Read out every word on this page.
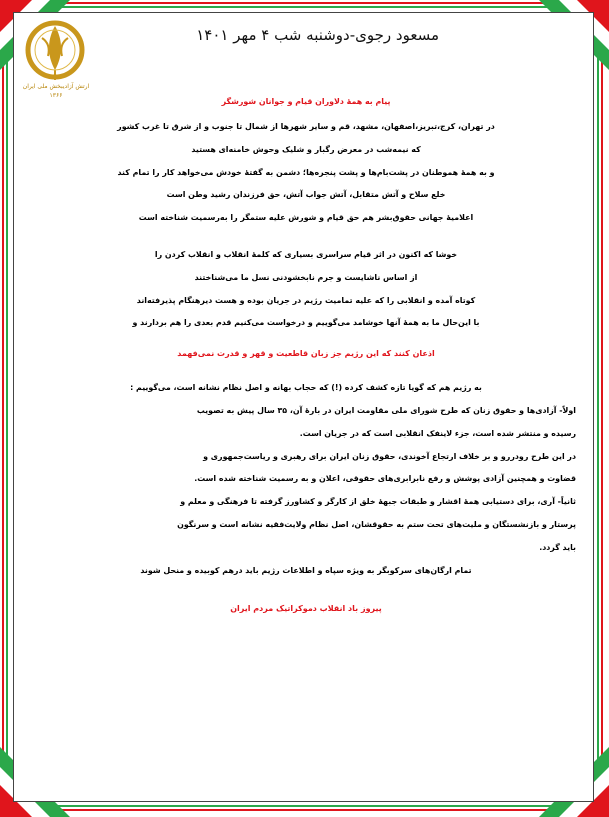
ارتش آزادیبخش ملی ایران
۱۳۶۶
مسعود رجوی-دوشنبه شب ۴ مهر ۱۴۰۱
پیام به همهٔ دلاوران قیام و جوانان شورشگر
در تهران، کرج،تبریز،اصفهان، مشهد، قم و سایر شهرها از شمال تا جنوب و از شرق تا غرب کشور
که نیمه‌شب در معرض رگبار و شلیک وحوش خامنه‌ای هستید
و به همهٔ هموطنان در پشت‌بام‌ها و پشت پنجره‌ها؛ دشمن به گفتهٔ خودش می‌خواهد کار را تمام کند
خلع سلاح و آتش متقابل، آتش جواب آتش، حق فرزندان رشید وطن است
اعلامیهٔ جهانی حقوق‌بشر هم حق قیام و شورش علیه ستمگر را به‌رسمیت شناخته است
خوشا که اکنون در اثر قیام سراسری بسیاری که کلمهٔ انقلاب و انقلاب کردن را
از اساس ناشایست و جرم نابخشودنی نسل ما می‌شناختند
کوتاه آمده و انقلابی را که علیه تمامیت رژیم در جریان بوده و هست دیرهنگام پذیرفته‌اند
با این‌حال ما به همهٔ آنها خوشامد می‌گوییم و درخواست می‌کنیم قدم بعدی را هم بردارند و
اذعان کنند که این رژیم جز زبان قاطعیت و قهر و قدرت نمی‌فهمد
به رژیم هم که گویا تازه کشف کرده (!) که حجاب بهانه و اصل نظام نشانه است، می‌گوییم :
اولاً- آزادی‌ها و حقوق زنان که طرح شورای ملی مقاومت ایران در بارهٔ آن، ۳۵ سال پیش به تصویب
رسیده و منتشر شده است، جزء لاینفک انقلابی است که در جریان است.
در این طرح رودررو و بر خلاف ارتجاع آخوندی، حقوق زنان ایران برای رهبری و ریاست‌جمهوری و
قضاوت و همچنین آزادی پوشش و رفع نابرابری‌های حقوقی، اعلان و به رسمیت شناخته شده است.
ثانیاً- آری، برای دستیابی همهٔ اقشار و طبقات جبههٔ خلق از کارگر و کشاورز گرفته تا فرهنگی و معلم و
پرستار و بازنشستگان و ملیت‌های تحت ستم به حقوقشان، اصل نظام ولایت‌فقیه نشانه است و سرنگون
باید گردد.
تمام ارگان‌های سرکوبگر به ویژه سپاه و اطلاعات رژیم باید درهم کوبیده و منحل شوند
پیروز باد انقلاب دموکراتیک مردم ایران
